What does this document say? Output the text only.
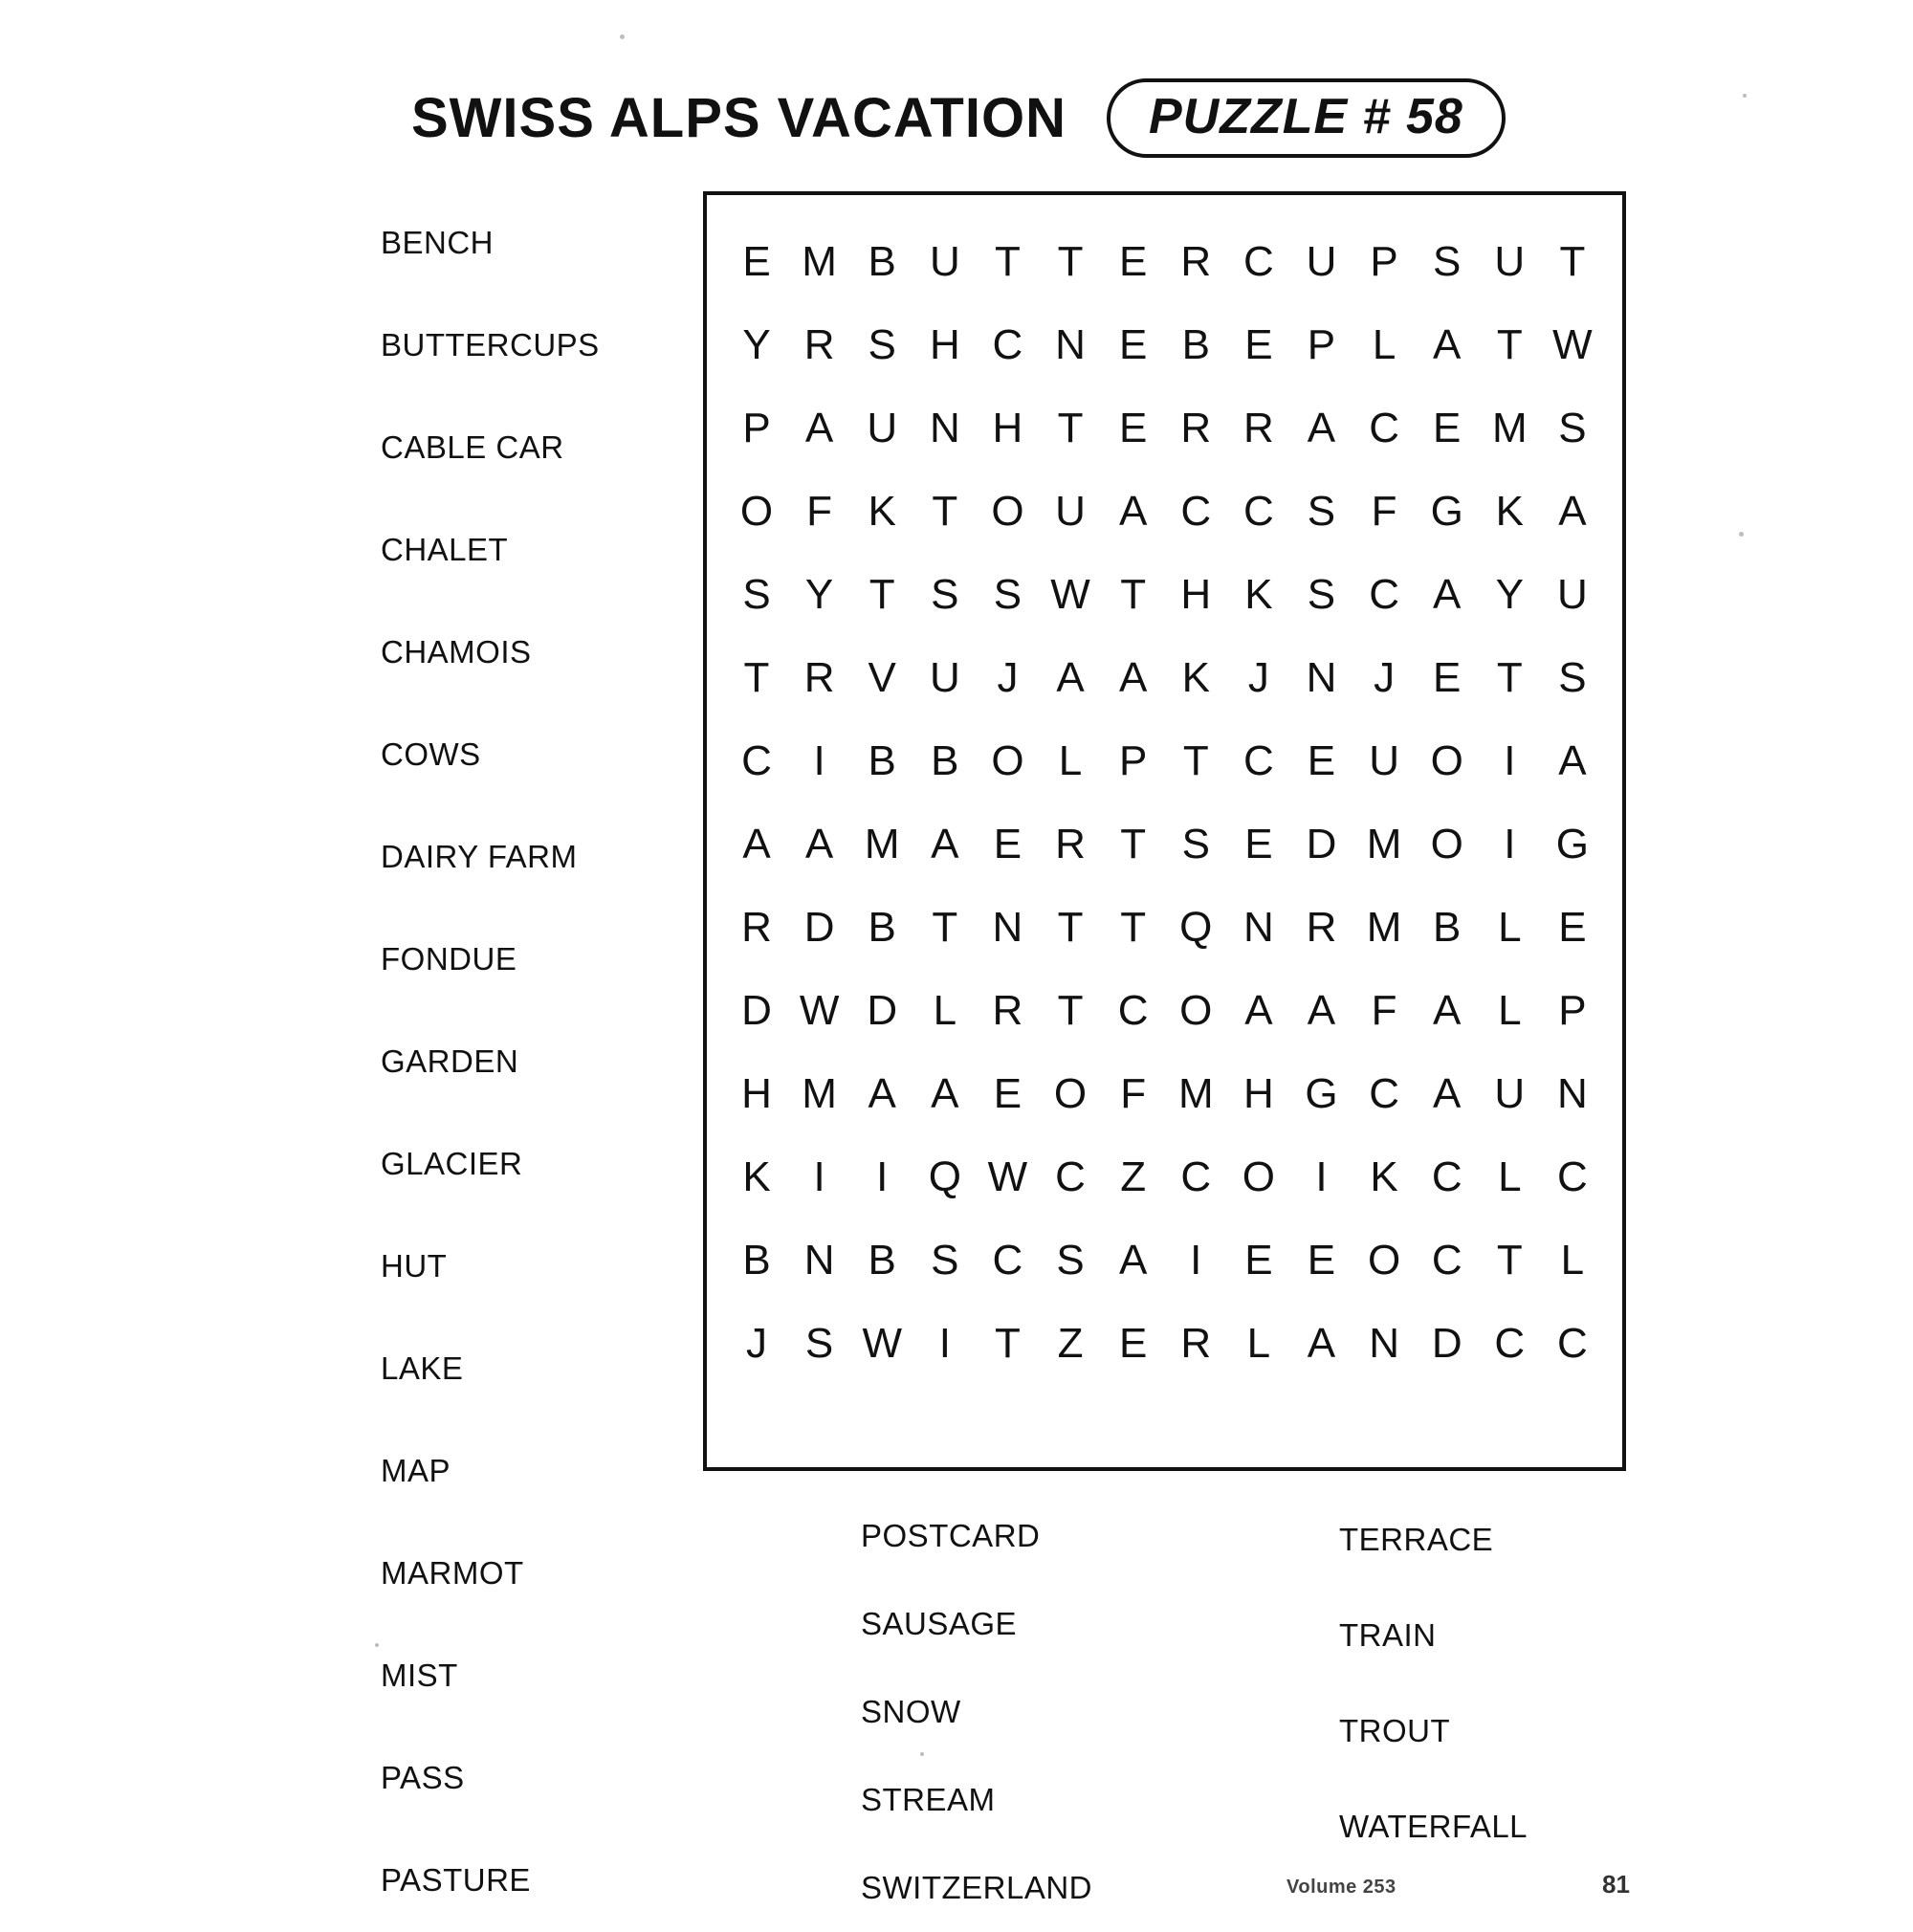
SWISS ALPS VACATION	PUZZLE # 58
BENCH
BUTTERCUPS
CABLE CAR
CHALET
CHAMOIS
COWS
DAIRY FARM
FONDUE
GARDEN
GLACIER
HUT
LAKE
MAP
MARMOT
MIST
PASS
PASTURE
E M B U T T E R C U P S U T
Y R S H C N E B E P L A T W
P A U N H T E R R A C E M S
O F K T O U A C C S F G K A
S Y T S S W T H K S C A Y U
T R V U J A A K J N J E T S
C I	B B O L P T C E U O I	A
A A M A E R T S E D M O I G
R D B T N T T Q N R M B L E
D W D L R T C O A A F A L P
H M A A E O F M H G C A U N
K	I	I Q W C Z C O I	K C L C
B N B S C S A	I	E E O C T L
J S W I	T Z E R L A N D C C
POSTCARD
SAUSAGE
SNOW
STREAM
SWITZERLAND
TERRACE
TRAIN
TROUT
WATERFALL
Volume 253	81
